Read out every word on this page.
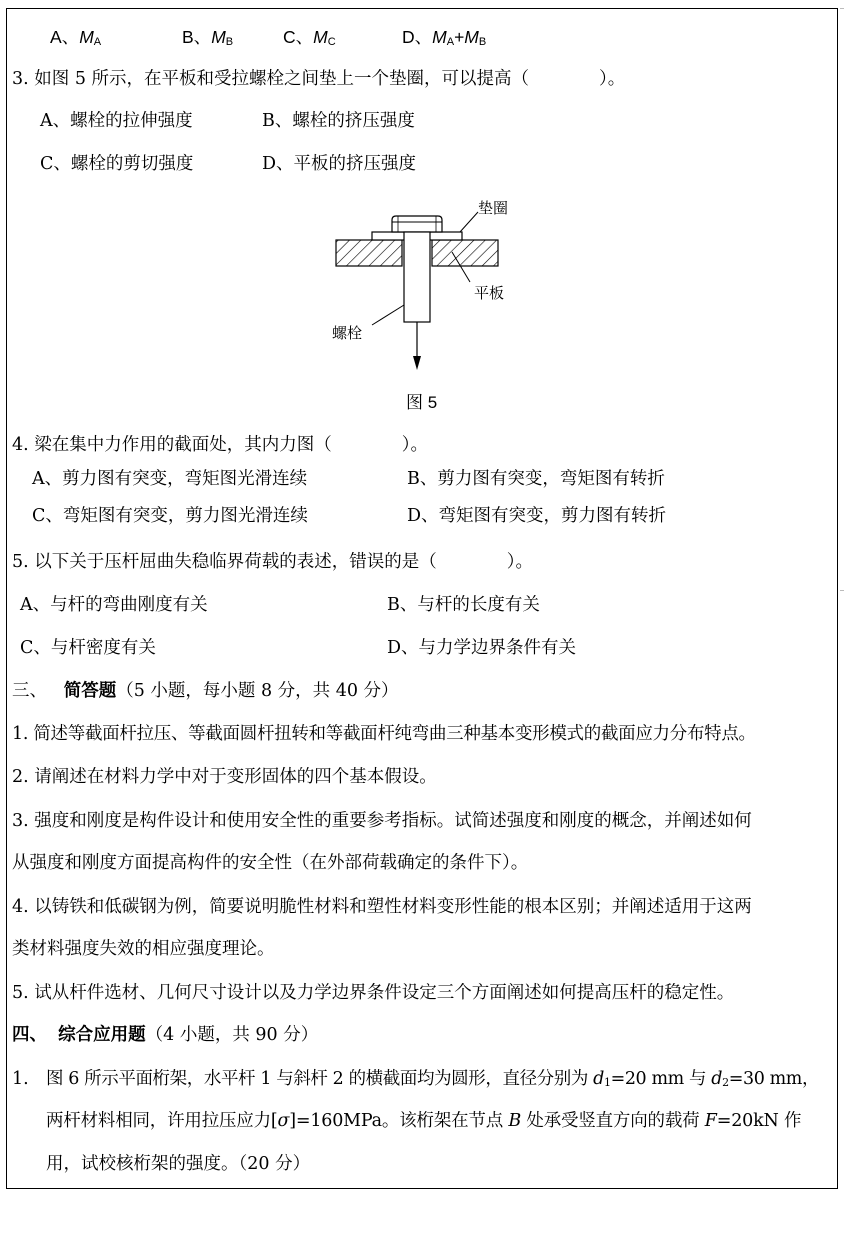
A、$M_A$	B、$M_B$	C、$M_C$	D、$M_A+M_B$
3. 如图 5 所示，在平板和受拉螺栓之间垫上一个垫圈，可以提高（　　　　）。
A、螺栓的拉伸强度	B、螺栓的挤压强度
C、螺栓的剪切强度	D、平板的挤压强度
垫圈
平板
螺栓
图 5
4. 梁在集中力作用的截面处，其内力图（　　　　）。
A、剪力图有突变，弯矩图光滑连续	B、剪力图有突变，弯矩图有转折
C、弯矩图有突变，剪力图光滑连续	D、弯矩图有突变，剪力图有转折
5. 以下关于压杆屈曲失稳临界荷载的表述，错误的是（　　　　）。
A、与杆的弯曲刚度有关	B、与杆的长度有关
C、与杆密度有关	D、与力学边界条件有关
三、 简答题（5 小题，每小题 8 分，共 40 分）
1. 简述等截面杆拉压、等截面圆杆扭转和等截面杆纯弯曲三种基本变形模式的截面应力分布特点。
2. 请阐述在材料力学中对于变形固体的四个基本假设。
3. 强度和刚度是构件设计和使用安全性的重要参考指标。试简述强度和刚度的概念，并阐述如何
从强度和刚度方面提高构件的安全性（在外部荷载确定的条件下）。
4. 以铸铁和低碳钢为例，简要说明脆性材料和塑性材料变形性能的根本区别；并阐述适用于这两
类材料强度失效的相应强度理论。
5. 试从杆件选材、几何尺寸设计以及力学边界条件设定三个方面阐述如何提高压杆的稳定性。
四、 综合应用题（4 小题，共 90 分）
1. 图 6 所示平面桁架，水平杆 1 与斜杆 2 的横截面均为圆形，直径分别为 $d_1=20$ mm 与 $d_2=30$ mm，
两杆材料相同，许用拉压应力[σ]=160MPa。该桁架在节点 B 处承受竖直方向的载荷 F=20kN 作
用，试校核桁架的强度。（20 分）
